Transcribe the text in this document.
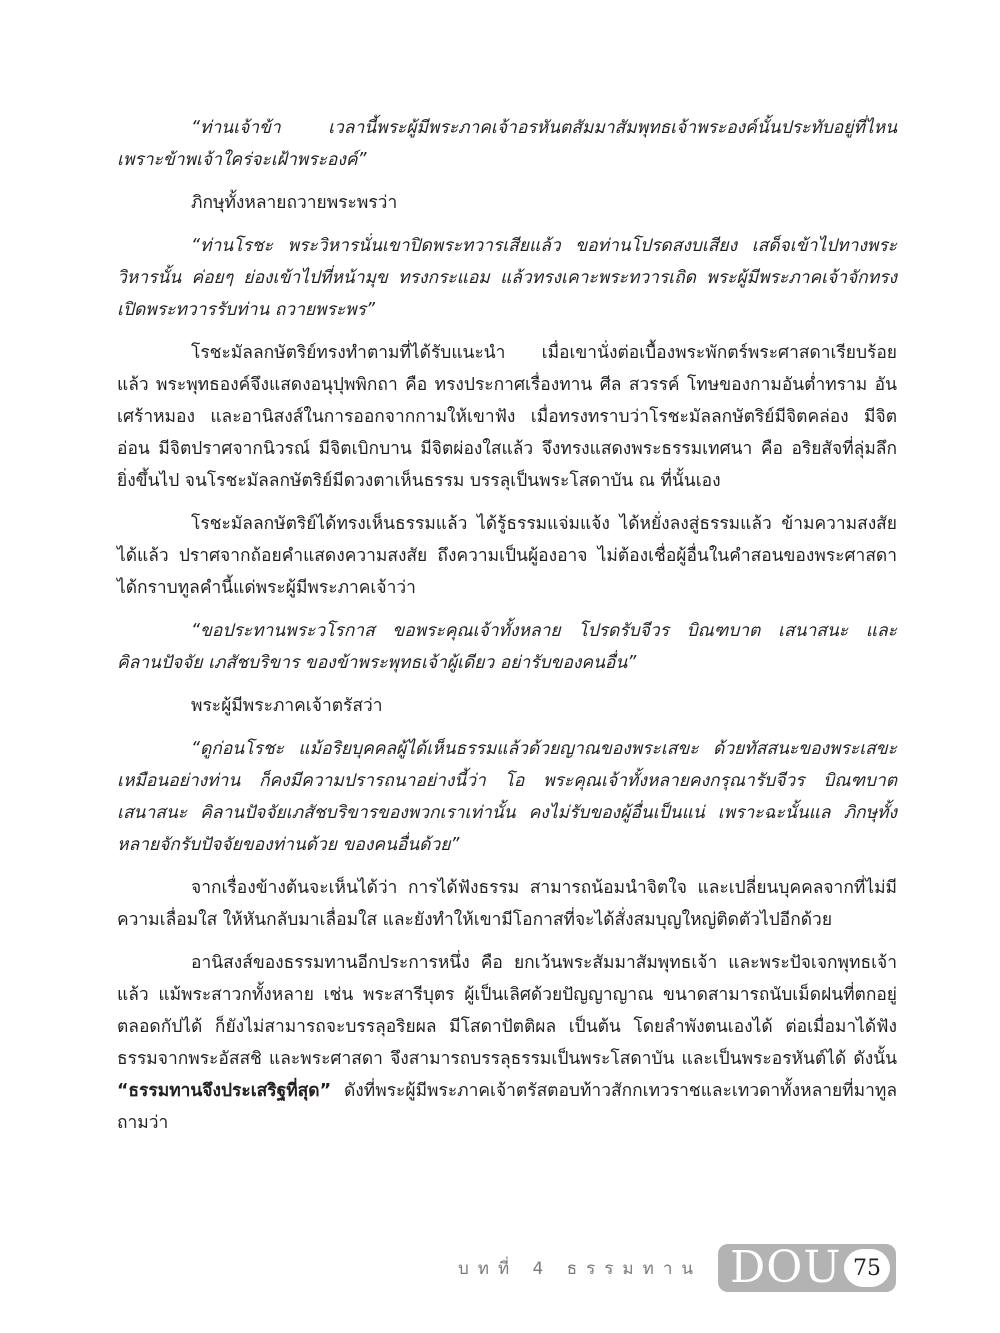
“ท่านเจ้าข้า เวลานี้พระผู้มีพระภาคเจ้าอรหันตสัมมาสัมพุทธเจ้าพระองค์นั้นประทับอยู่ที่ไหน เพราะข้าพเจ้าใคร่จะเฝ้าพระองค์”

ภิกษุทั้งหลายถวายพระพรว่า

“ท่านโรชะ พระวิหารนั่นเขาปิดพระทวารเสียแล้ว ขอท่านโปรดสงบเสียง เสด็จเข้าไปทางพระวิหารนั้น ค่อยๆ ย่องเข้าไปที่หน้ามุข ทรงกระแอม แล้วทรงเคาะพระทวารเถิด พระผู้มีพระภาคเจ้าจักทรงเปิดพระทวารรับท่าน ถวายพระพร”

โรชะมัลลกษัตริย์ทรงทำตามที่ได้รับแนะนำ เมื่อเขานั่งต่อเบื้องพระพักตร์พระศาสดาเรียบร้อยแล้ว พระพุทธองค์จึงแสดงอนุปุพพิกถา คือ ทรงประกาศเรื่องทาน ศีล สวรรค์ โทษของกามอันต่ำทราม อันเศร้าหมอง และอานิสงส์ในการออกจากกามให้เขาฟัง เมื่อทรงทราบว่าโรชะมัลลกษัตริย์มีจิตคล่อง มีจิตอ่อน มีจิตปราศจากนิวรณ์ มีจิตเบิกบาน มีจิตผ่องใสแล้ว จึงทรงแสดงพระธรรมเทศนา คือ อริยสัจที่ลุ่มลึกยิ่งขึ้นไป จนโรชะมัลลกษัตริย์มีดวงตาเห็นธรรม บรรลุเป็นพระโสดาบัน ณ ที่นั้นเอง

โรชะมัลลกษัตริย์ได้ทรงเห็นธรรมแล้ว ได้รู้ธรรมแจ่มแจ้ง ได้หยั่งลงสู่ธรรมแล้ว ข้ามความสงสัยได้แล้ว ปราศจากถ้อยคำแสดงความสงสัย ถึงความเป็นผู้องอาจ ไม่ต้องเชื่อผู้อื่นในคำสอนของพระศาสดา ได้กราบทูลคำนี้แด่พระผู้มีพระภาคเจ้าว่า

“ขอประทานพระวโรกาส ขอพระคุณเจ้าทั้งหลาย โปรดรับจีวร บิณฑบาต เสนาสนะ และคิลานปัจจัย เภสัชบริขาร ของข้าพระพุทธเจ้าผู้เดียว อย่ารับของคนอื่น”

พระผู้มีพระภาคเจ้าตรัสว่า

“ดูก่อนโรชะ แม้อริยบุคคลผู้ได้เห็นธรรมแล้วด้วยญาณของพระเสขะ ด้วยทัสสนะของพระเสขะเหมือนอย่างท่าน ก็คงมีความปรารถนาอย่างนี้ว่า โอ พระคุณเจ้าทั้งหลายคงกรุณารับจีวร บิณฑบาต เสนาสนะ คิลานปัจจัยเภสัชบริขารของพวกเราเท่านั้น คงไม่รับของผู้อื่นเป็นแน่ เพราะฉะนั้นแล ภิกษุทั้งหลายจักรับปัจจัยของท่านด้วย ของคนอื่นด้วย”

จากเรื่องข้างต้นจะเห็นได้ว่า การได้ฟังธรรม สามารถน้อมนำจิตใจ และเปลี่ยนบุคคลจากที่ไม่มีความเลื่อมใส ให้หันกลับมาเลื่อมใส และยังทำให้เขามีโอกาสที่จะได้สั่งสมบุญใหญ่ติดตัวไปอีกด้วย

อานิสงส์ของธรรมทานอีกประการหนึ่ง คือ ยกเว้นพระสัมมาสัมพุทธเจ้า และพระปัจเจกพุทธเจ้าแล้ว แม้พระสาวกทั้งหลาย เช่น พระสารีบุตร ผู้เป็นเลิศด้วยปัญญาญาณ ขนาดสามารถนับเม็ดฝนที่ตกอยู่ตลอดกัปได้ ก็ยังไม่สามารถจะบรรลุอริยผล มีโสดาปัตติผล เป็นต้น โดยลำพังตนเองได้ ต่อเมื่อมาได้ฟังธรรมจากพระอัสสชิ และพระศาสดา จึงสามารถบรรลุธรรมเป็นพระโสดาบัน และเป็นพระอรหันต์ได้ ดังนั้น “ธรรมทานจึงประเสริฐที่สุด” ดังที่พระผู้มีพระภาคเจ้าตรัสตอบท้าวสักกเทวราชและเทวดาทั้งหลายที่มาทูลถามว่า

บทที่ 4 ธรรมทาน DOU 75
